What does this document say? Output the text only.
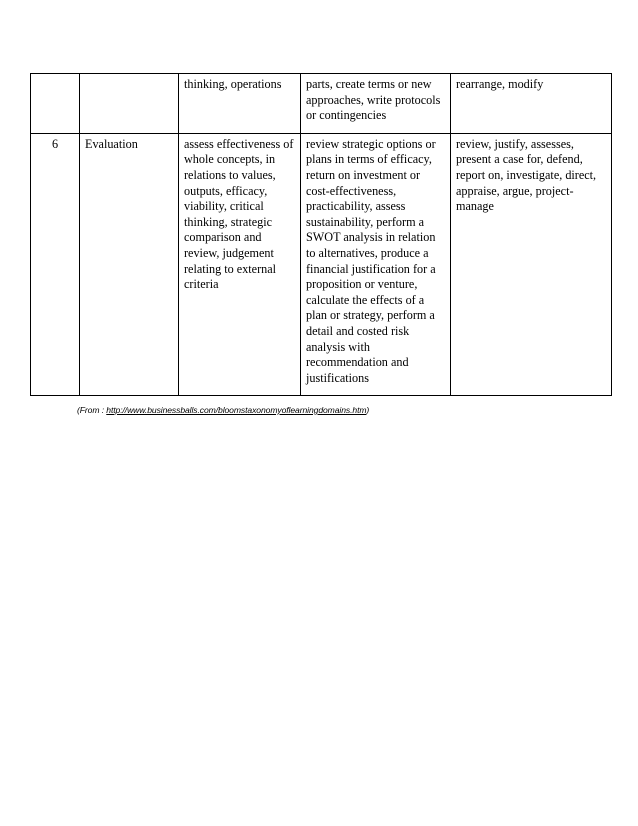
		thinking, operations	parts, create terms or new approaches, write protocols or contingencies	rearrange, modify

6	Evaluation	assess effectiveness of whole concepts, in relations to values, outputs, efficacy, viability, critical thinking, strategic comparison and review, judgement relating to external criteria	review strategic options or plans in terms of efficacy, return on investment or cost-effectiveness, practicability, assess sustainability, perform a SWOT analysis in relation to alternatives, produce a financial justification for a proposition or venture, calculate the effects of a plan or strategy, perform a detail and costed risk analysis with recommendation and justifications	review, justify, assesses, present a case for, defend, report on, investigate, direct, appraise, argue, project-manage
(From : http://www.businessballs.com/bloomstaxonomyoflearningdomains.htm)
